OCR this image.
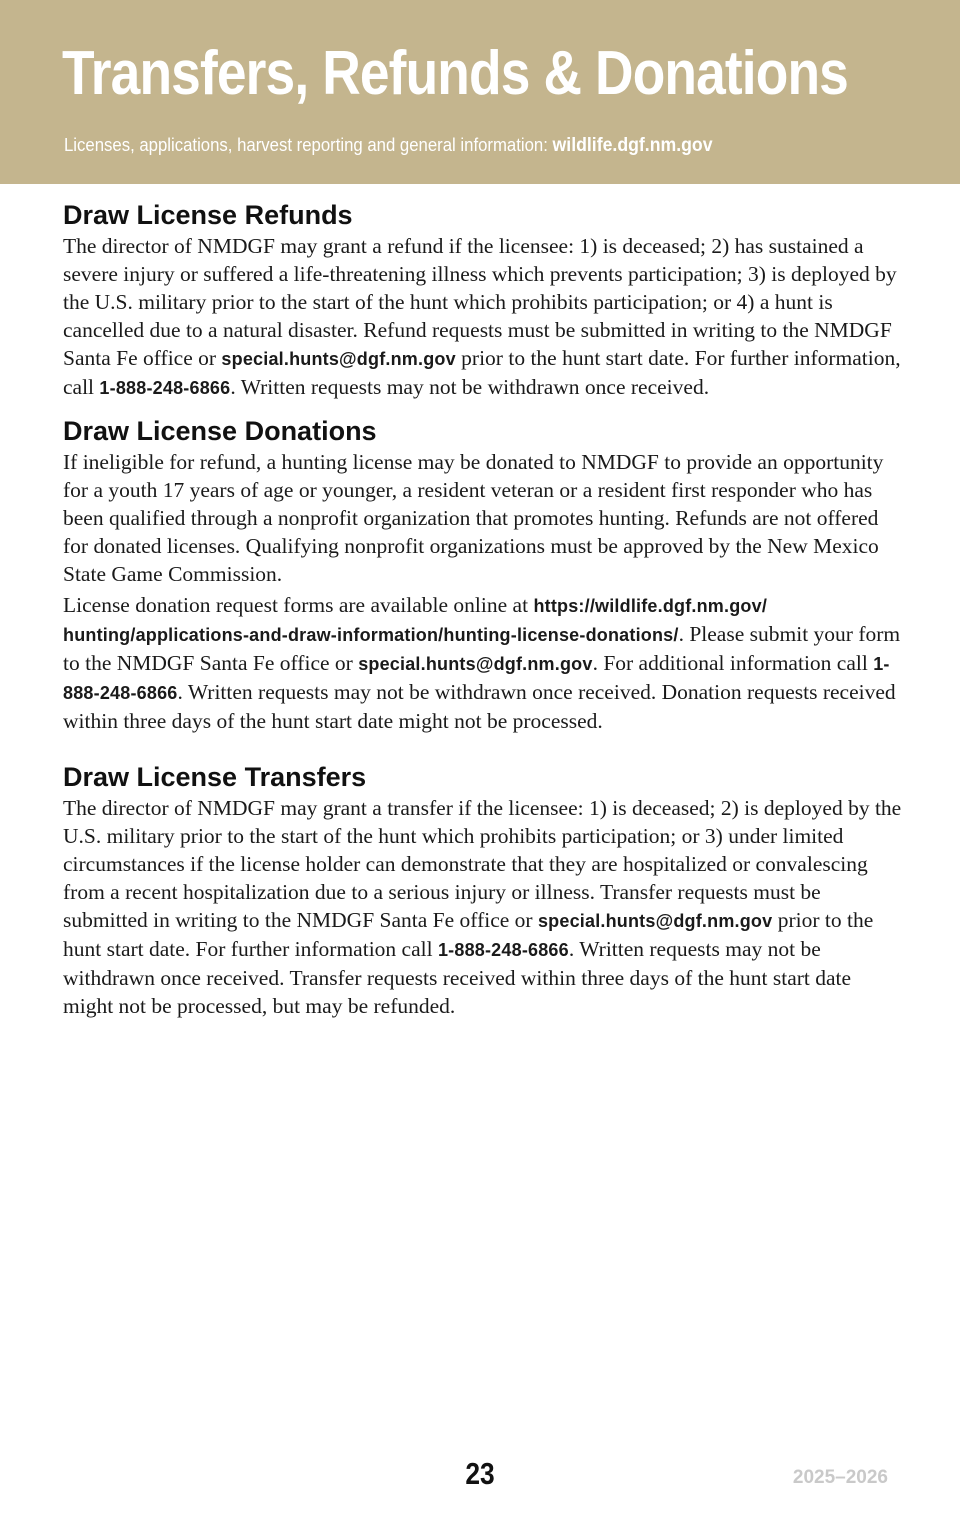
Transfers, Refunds & Donations
Licenses, applications, harvest reporting and general information: wildlife.dgf.nm.gov
Draw License Refunds

The director of NMDGF may grant a refund if the licensee: 1) is deceased; 2) has sustained a severe injury or suffered a life-threatening illness which prevents participation; 3) is deployed by the U.S. military prior to the start of the hunt which prohibits participation; or 4) a hunt is cancelled due to a natural disaster. Refund requests must be submitted in writing to the NMDGF Santa Fe office or special.hunts@dgf.nm.gov prior to the hunt start date. For further information, call 1-888-248-6866. Written requests may not be withdrawn once received.

Draw License Donations

If ineligible for refund, a hunting license may be donated to NMDGF to provide an opportunity for a youth 17 years of age or younger, a resident veteran or a resident first responder who has been qualified through a nonprofit organization that promotes hunting. Refunds are not offered for donated licenses. Qualifying nonprofit organizations must be approved by the New Mexico State Game Commission.

License donation request forms are available online at https://wildlife.dgf.nm.gov/ hunting/applications-and-draw-information/hunting-license-donations/. Please submit your form to the NMDGF Santa Fe office or special.hunts@dgf.nm.gov. For additional information call 1-888-248-6866. Written requests may not be withdrawn once received. Donation requests received within three days of the hunt start date might not be processed.

Draw License Transfers

The director of NMDGF may grant a transfer if the licensee: 1) is deceased; 2) is deployed by the U.S. military prior to the start of the hunt which prohibits participation; or 3) under limited circumstances if the license holder can demonstrate that they are hospitalized or convalescing from a recent hospitalization due to a serious injury or illness. Transfer requests must be submitted in writing to the NMDGF Santa Fe office or special.hunts@dgf.nm.gov prior to the hunt start date. For further information call 1-888-248-6866. Written requests may not be withdrawn once received. Transfer requests received within three days of the hunt start date might not be processed, but may be refunded.

23	2025–2026
